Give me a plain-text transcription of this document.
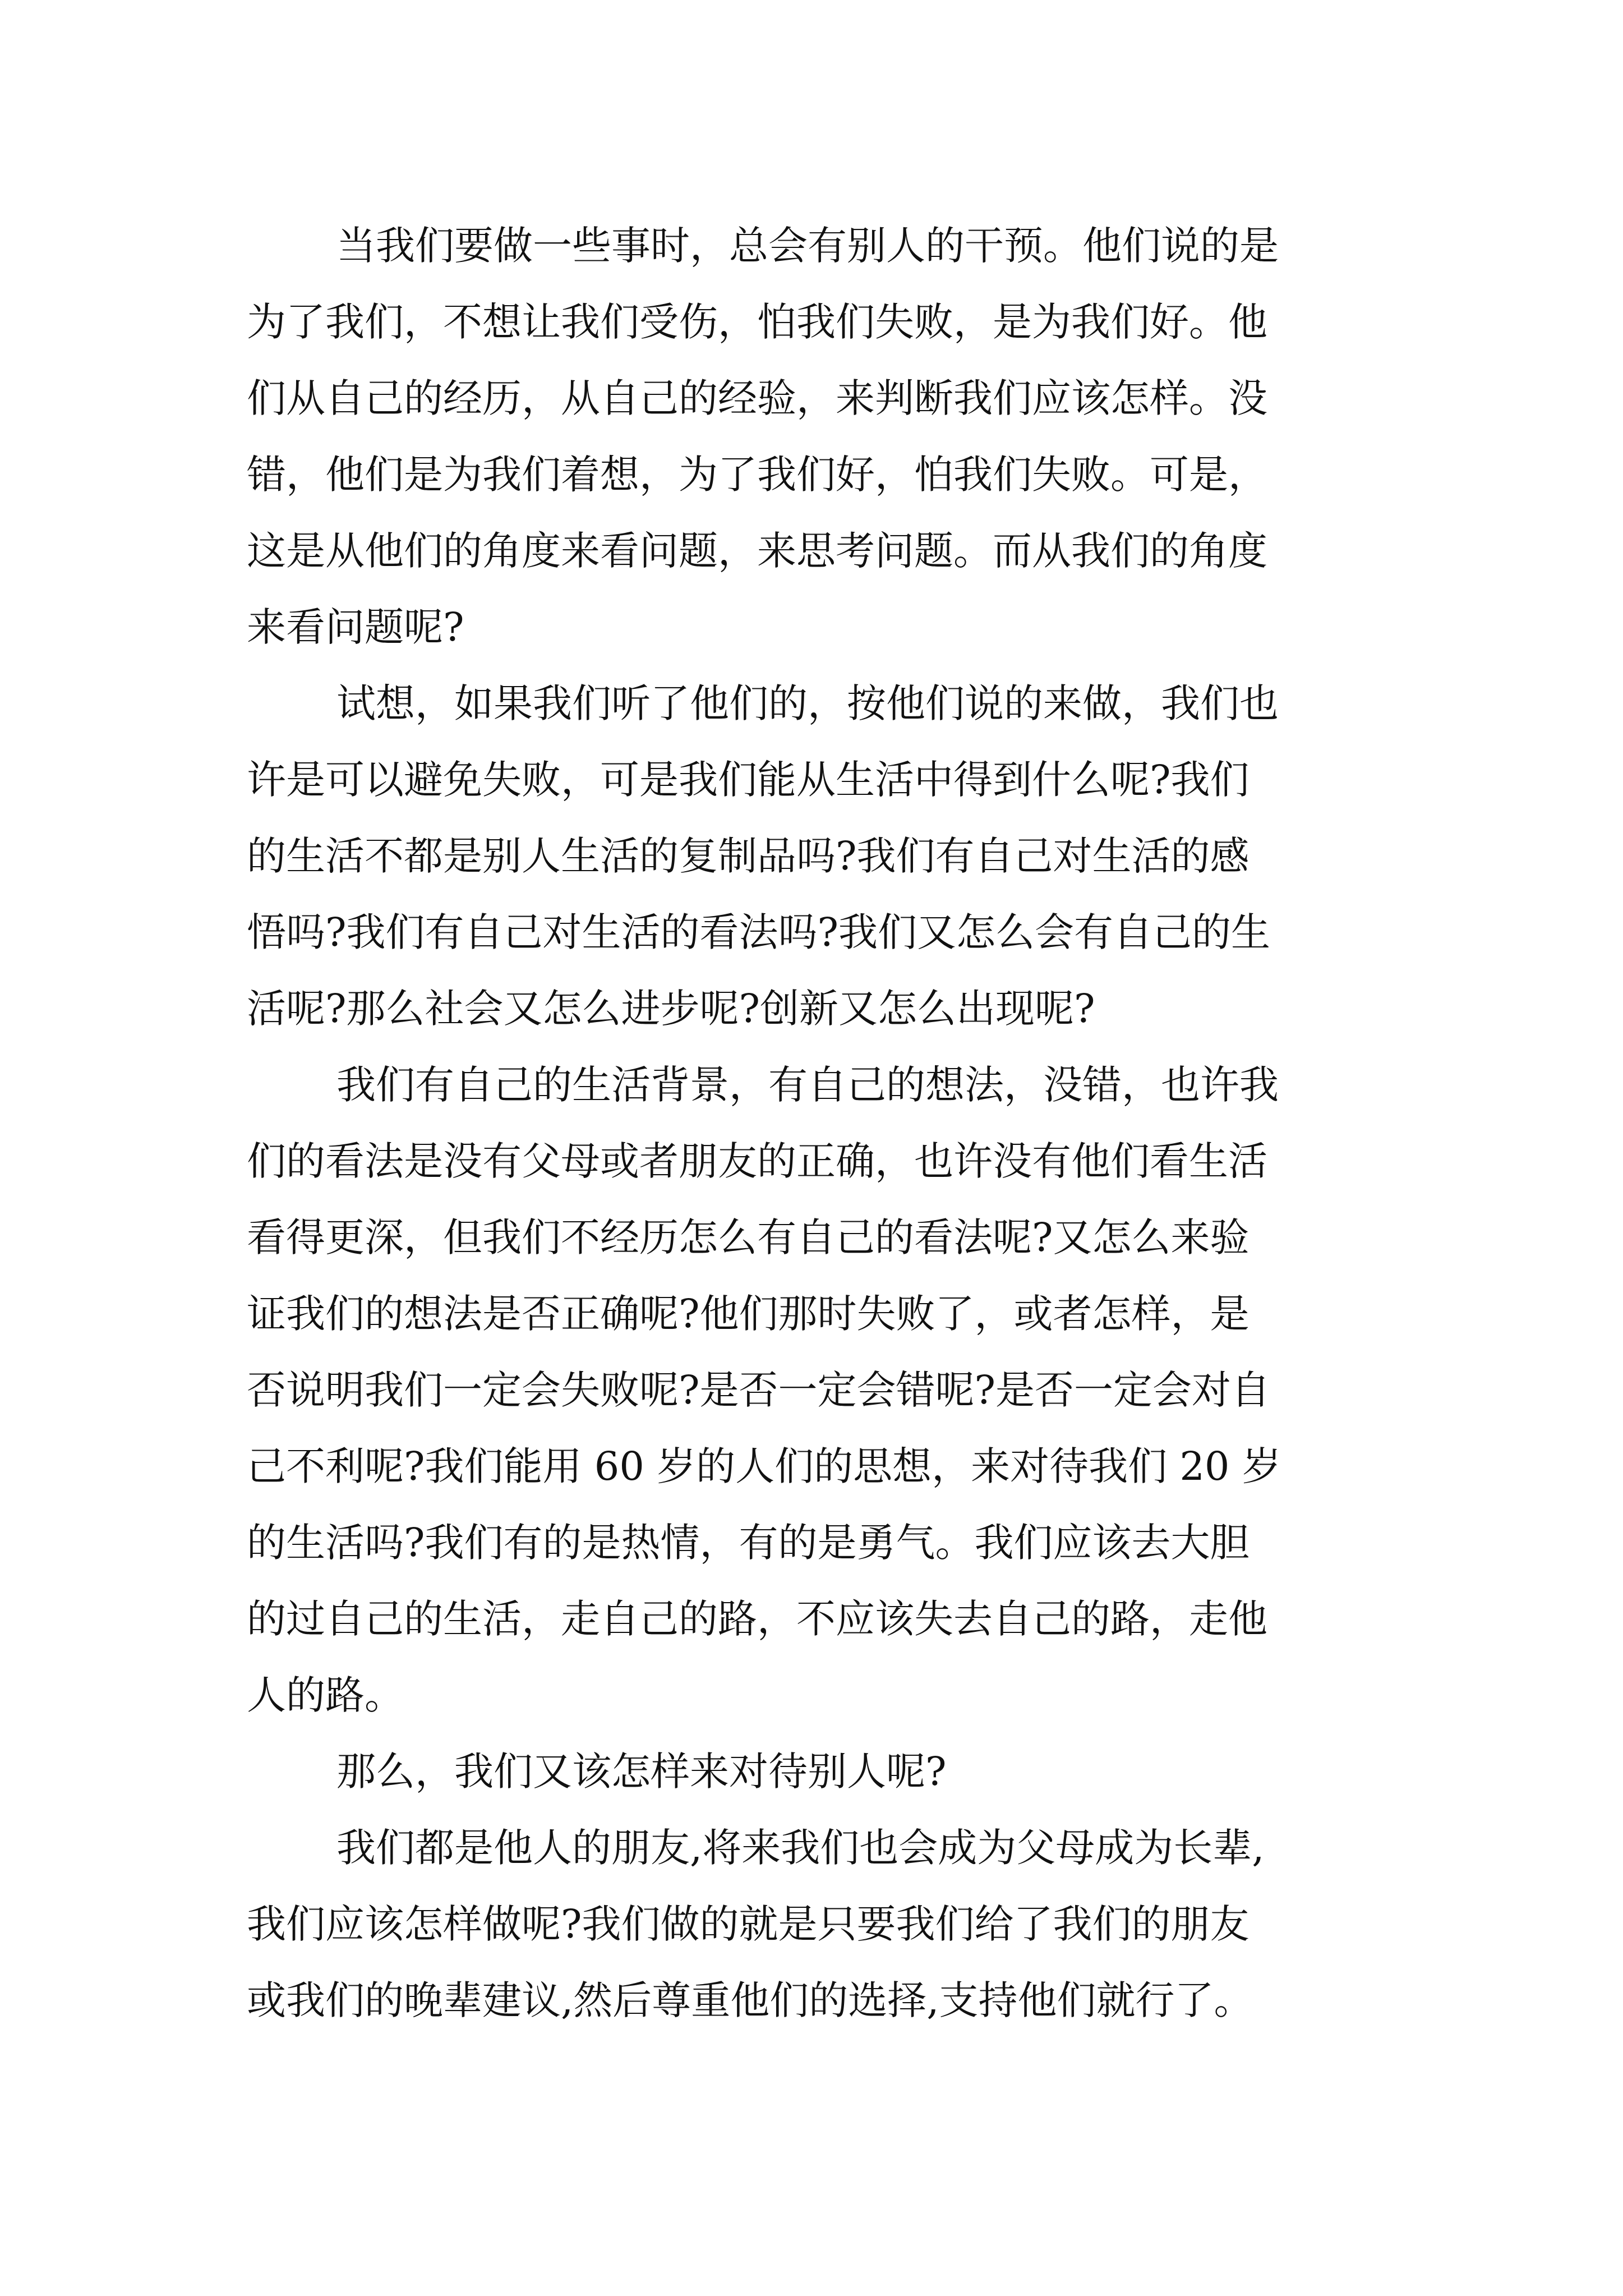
当我们要做一些事时，总会有别人的干预。他们说的是
为了我们，不想让我们受伤，怕我们失败，是为我们好。他
们从自己的经历，从自己的经验，来判断我们应该怎样。没
错，他们是为我们着想，为了我们好，怕我们失败。可是，
这是从他们的角度来看问题，来思考问题。而从我们的角度
来看问题呢?
试想，如果我们听了他们的，按他们说的来做，我们也
许是可以避免失败，可是我们能从生活中得到什么呢?我们
的生活不都是别人生活的复制品吗?我们有自己对生活的感
悟吗?我们有自己对生活的看法吗?我们又怎么会有自己的生
活呢?那么社会又怎么进步呢?创新又怎么出现呢?
我们有自己的生活背景，有自己的想法，没错，也许我
们的看法是没有父母或者朋友的正确，也许没有他们看生活
看得更深，但我们不经历怎么有自己的看法呢?又怎么来验
证我们的想法是否正确呢?他们那时失败了，或者怎样，是
否说明我们一定会失败呢?是否一定会错呢?是否一定会对自
己不利呢?我们能用 60 岁的人们的思想，来对待我们 20 岁
的生活吗?我们有的是热情，有的是勇气。我们应该去大胆
的过自己的生活，走自己的路，不应该失去自己的路，走他
人的路。
那么，我们又该怎样来对待别人呢?
我们都是他人的朋友,将来我们也会成为父母成为长辈,
我们应该怎样做呢?我们做的就是只要我们给了我们的朋友
或我们的晚辈建议,然后尊重他们的选择,支持他们就行了。
